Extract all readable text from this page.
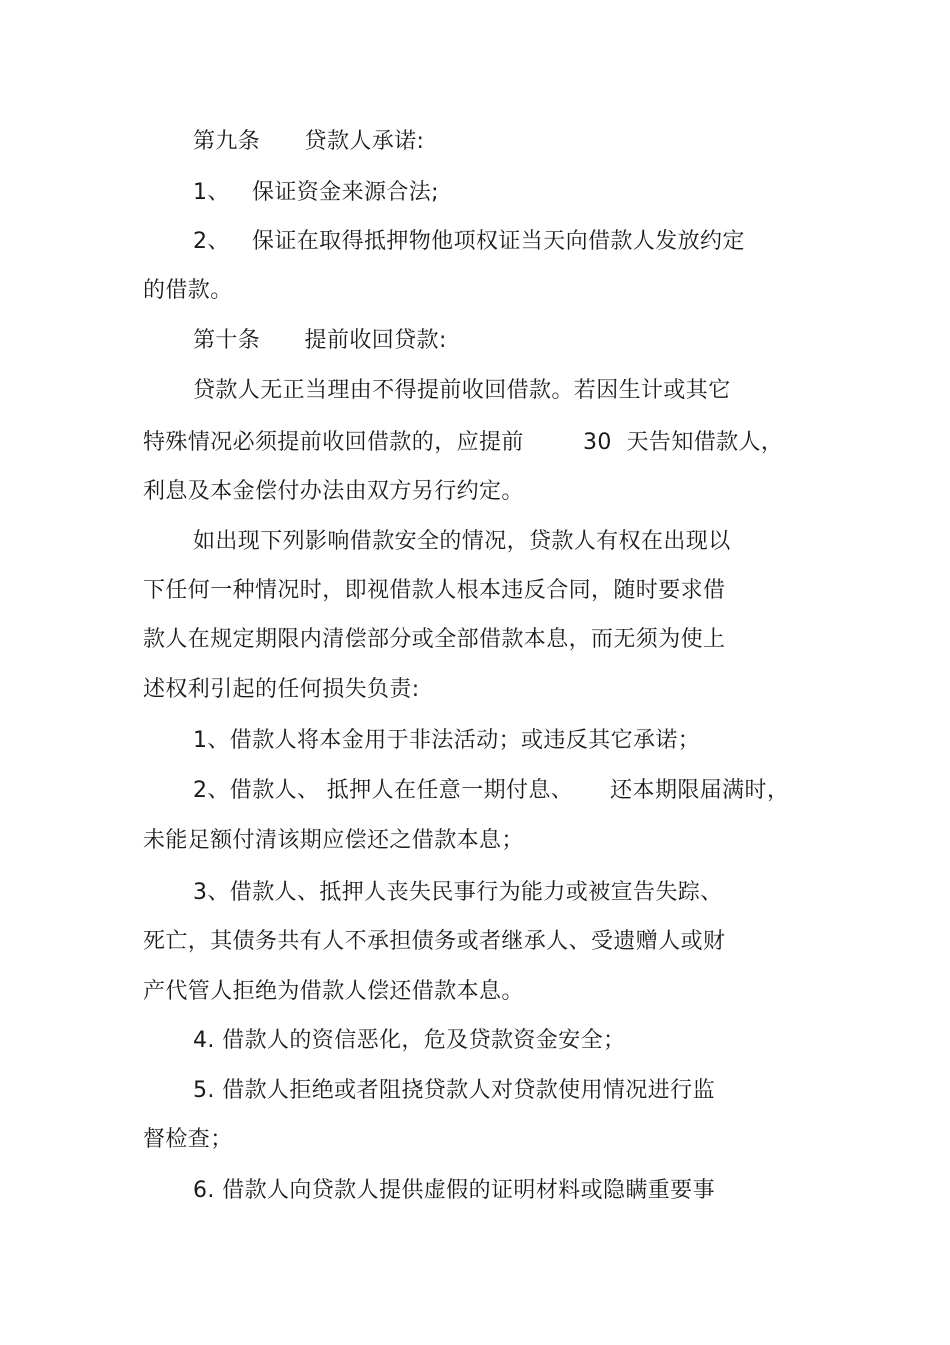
第九条      贷款人承诺:
1、   保证资金来源合法;
2、   保证在取得抵押物他项权证当天向借款人发放约定
的借款。
第十条      提前收回贷款:
贷款人无正当理由不得提前收回借款。若因生计或其它
特殊情况必须提前收回借款的，应提前        30  天告知借款人，
利息及本金偿付办法由双方另行约定。
如出现下列影响借款安全的情况，贷款人有权在出现以
下任何一种情况时，即视借款人根本违反合同，随时要求借
款人在规定期限内清偿部分或全部借款本息，而无须为使上
述权利引起的任何损失负责:
1、借款人将本金用于非法活动；或违反其它承诺；
2、借款人、 抵押人在任意一期付息、     还本期限届满时，
未能足额付清该期应偿还之借款本息；
3、借款人、抵押人丧失民事行为能力或被宣告失踪、
死亡，其债务共有人不承担债务或者继承人、受遗赠人或财
产代管人拒绝为借款人偿还借款本息。
4. 借款人的资信恶化，危及贷款资金安全；
5. 借款人拒绝或者阻挠贷款人对贷款使用情况进行监
督检查；
6. 借款人向贷款人提供虚假的证明材料或隐瞒重要事
